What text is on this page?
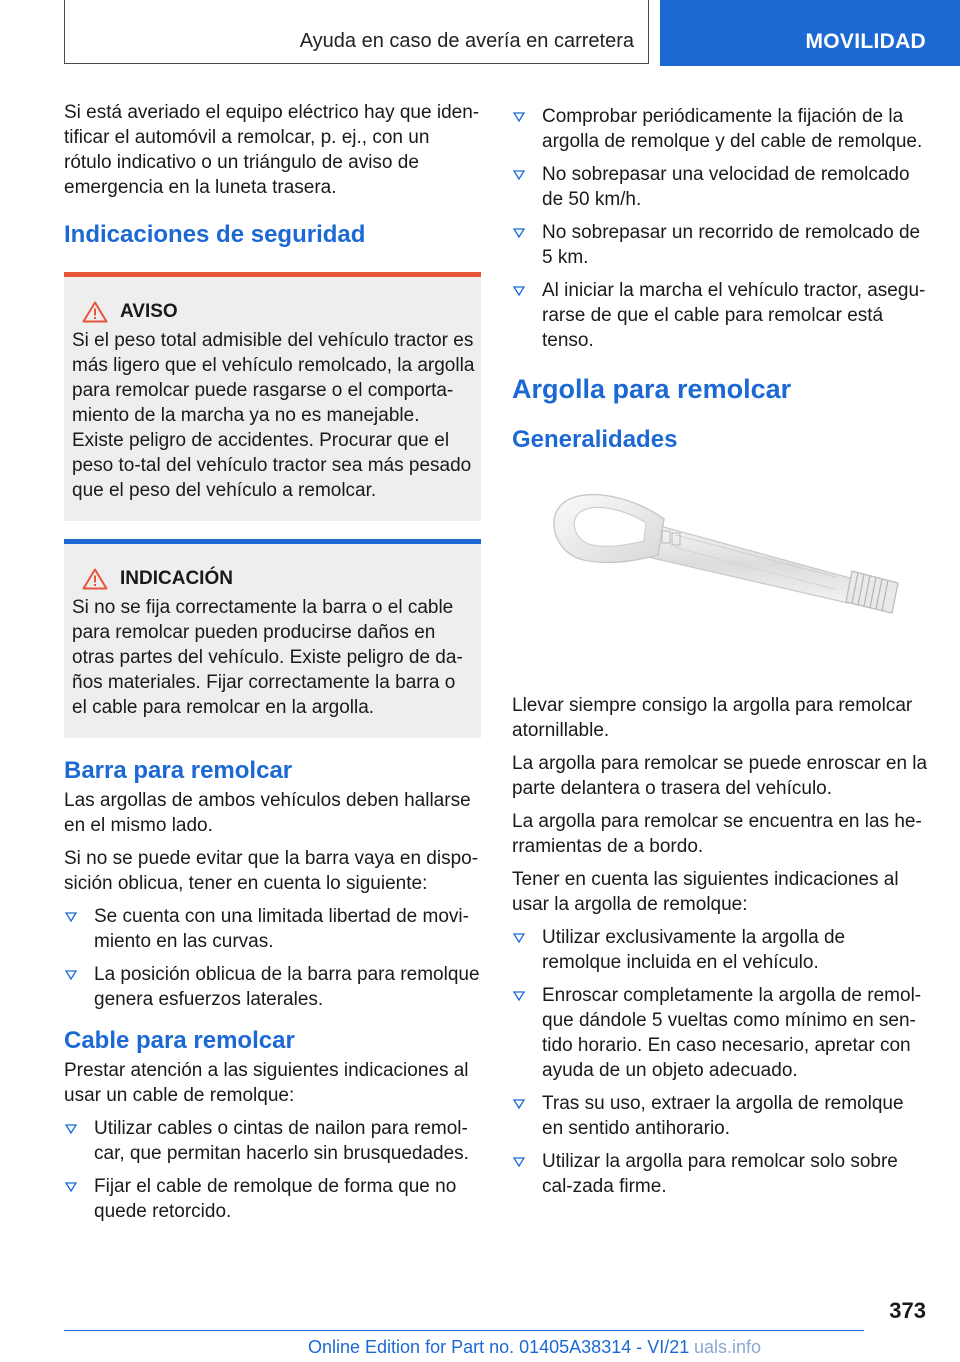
Ayuda en caso de avería en carretera	MOVILIDAD

Si está averiado el equipo eléctrico hay que iden-tificar el automóvil a remolcar, p. ej., con un rótulo indicativo o un triángulo de aviso de emergencia en la luneta trasera.

Indicaciones de seguridad
AVISO
Si el peso total admisible del vehículo tractor es más ligero que el vehículo remolcado, la argolla para remolcar puede rasgarse o el comporta-miento de la marcha ya no es manejable. Existe peligro de accidentes. Procurar que el peso to-tal del vehículo tractor sea más pesado que el peso del vehículo a remolcar.
INDICACIÓN
Si no se fija correctamente la barra o el cable para remolcar pueden producirse daños en otras partes del vehículo. Existe peligro de da-ños materiales. Fijar correctamente la barra o el cable para remolcar en la argolla.
Barra para remolcar

Las argollas de ambos vehículos deben hallarse en el mismo lado.

Si no se puede evitar que la barra vaya en dispo-sición oblicua, tener en cuenta lo siguiente:

Se cuenta con una limitada libertad de movi-miento en las curvas.
La posición oblicua de la barra para remolque genera esfuerzos laterales.
Cable para remolcar

Prestar atención a las siguientes indicaciones al usar un cable de remolque:

Utilizar cables o cintas de nailon para remol-car, que permitan hacerlo sin brusquedades.
Fijar el cable de remolque de forma que no quede retorcido.
Comprobar periódicamente la fijación de la argolla de remolque y del cable de remolque.
No sobrepasar una velocidad de remolcado de 50 km/h.
No sobrepasar un recorrido de remolcado de 5 km.
Al iniciar la marcha el vehículo tractor, asegu-rarse de que el cable para remolcar está tenso.
Argolla para remolcar
Generalidades

Llevar siempre consigo la argolla para remolcar atornillable.

La argolla para remolcar se puede enroscar en la parte delantera o trasera del vehículo.

La argolla para remolcar se encuentra en las he-rramientas de a bordo.

Tener en cuenta las siguientes indicaciones al usar la argolla de remolque:

Utilizar exclusivamente la argolla de remolque incluida en el vehículo.
Enroscar completamente la argolla de remol-que dándole 5 vueltas como mínimo en sen-tido horario. En caso necesario, apretar con ayuda de un objeto adecuado.
Tras su uso, extraer la argolla de remolque en sentido antihorario.
Utilizar la argolla para remolcar solo sobre cal-zada firme.
373
Online Edition for Part no. 01405A38314 - VI/21 uals.info
